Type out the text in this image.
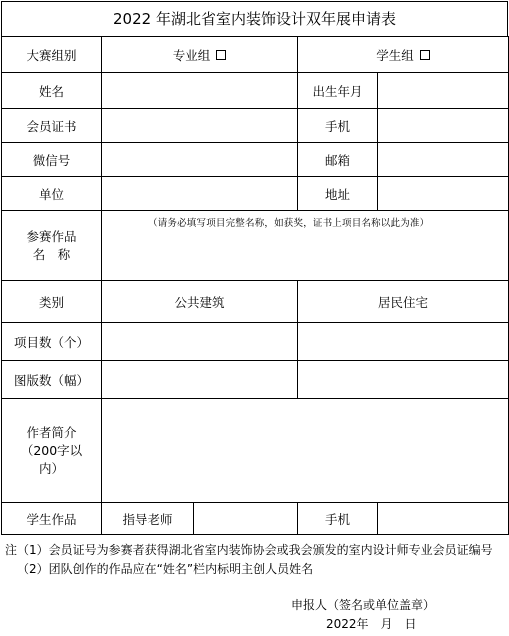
2022 年湖北省室内装饰设计双年展申请表
大赛组别	专业组		学生组	
姓名			出生年月	
会员证书			手机	
微信号			邮箱	
单位			地址	

参赛作品
名　称	（请务必填写项目完整名称，如获奖，证书上项目名称以此为准）			

类别	公共建筑		居民住宅	
项目数（个）				
图版数（幅）				

作者简介
（200字以
内）				

学生作品	指导老师		手机	
注（1）会员证号为参赛者获得湖北省室内装饰协会或我会颁发的室内设计师专业会员证编号
（2）团队创作的作品应在“姓名”栏内标明主创人员姓名
申报人（签名或单位盖章）
2022年　月　日
